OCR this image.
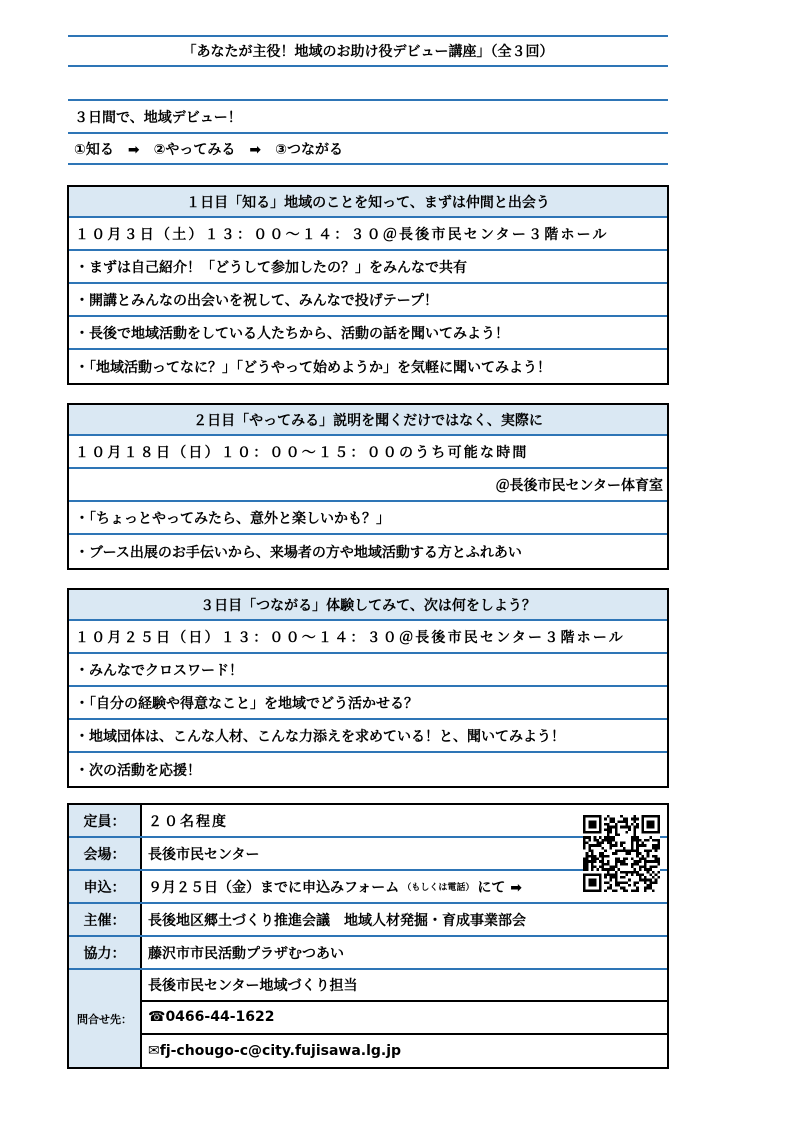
「あなたが主役！地域のお助け役デビュー講座」（全３回）
３日間で、地域デビュー！
①知る　➡　②やってみる　➡　③つながる
１日目「知る」地域のことを知って、まずは仲間と出会う
１０月３日（土）１３：００～１４：３０＠長後市民センター３階ホール
・まずは自己紹介！「どうして参加したの？」をみんなで共有
・開講とみんなの出会いを祝して、みんなで投げテープ！
・長後で地域活動をしている人たちから、活動の話を聞いてみよう！
・「地域活動ってなに？」「どうやって始めようか」を気軽に聞いてみよう！
２日目「やってみる」説明を聞くだけではなく、実際に
１０月１８日（日）１０：００～１５：００のうち可能な時間
＠長後市民センター体育室
・「ちょっとやってみたら、意外と楽しいかも？」
・ブース出展のお手伝いから、来場者の方や地域活動する方とふれあい
３日目「つながる」体験してみて、次は何をしよう？
１０月２５日（日）１３：００～１４：３０＠長後市民センター３階ホール
・みんなでクロスワード！
・「自分の経験や得意なこと」を地域でどう活かせる？
・地域団体は、こんな人材、こんな力添えを求めている！と、聞いてみよう！
・次の活動を応援！
定員：	２０名程度
会場：	長後市民センター
申込：	９月２５日（金）までに申込みフォーム （もしくは電話） にて ➡
主催：	長後地区郷土づくり推進会議　地域人材発掘・育成事業部会
協力：	藤沢市市民活動プラザむつあい
問合せ先：
長後市民センター地域づくり担当
☎0466-44-1622
✉fj-chougo-c@city.fujisawa.lg.jp
